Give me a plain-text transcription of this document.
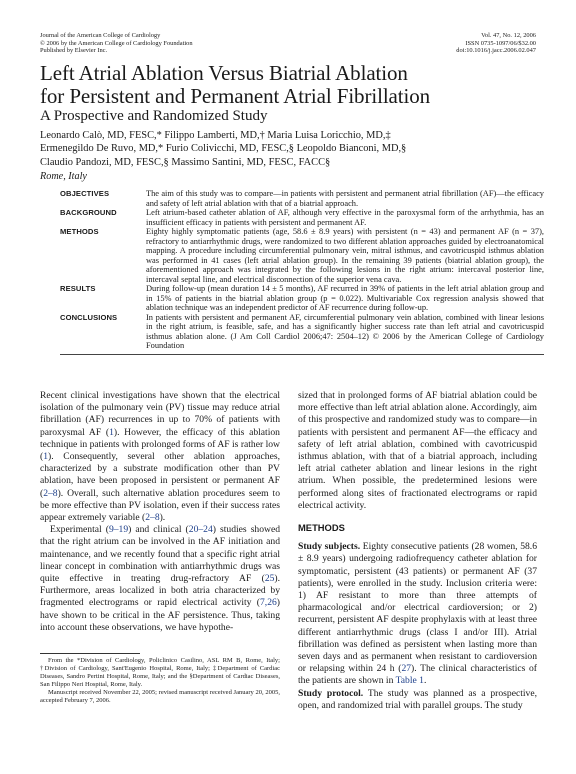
Journal of the American College of Cardiology
© 2006 by the American College of Cardiology Foundation
Published by Elsevier Inc.
Vol. 47, No. 12, 2006
ISSN 0735-1097/06/$32.00
doi:10.1016/j.jacc.2006.02.047
Left Atrial Ablation Versus Biatrial Ablation
for Persistent and Permanent Atrial Fibrillation
A Prospective and Randomized Study
Leonardo Calò, MD, FESC,* Filippo Lamberti, MD,† Maria Luisa Loricchio, MD,‡
Ermenegildo De Ruvo, MD,* Furio Colivicchi, MD, FESC,§ Leopoldo Bianconi, MD,§
Claudio Pandozi, MD, FESC,§ Massimo Santini, MD, FESC, FACC§
Rome, Italy
OBJECTIVES	The aim of this study was to compare—in patients with persistent and permanent atrial fibrillation (AF)—the efficacy and safety of left atrial ablation with that of a biatrial approach.
BACKGROUND	Left atrium-based catheter ablation of AF, although very effective in the paroxysmal form of the arrhythmia, has an insufficient efficacy in patients with persistent and permanent AF.
METHODS	Eighty highly symptomatic patients (age, 58.6 ± 8.9 years) with persistent (n = 43) and permanent AF (n = 37), refractory to antiarrhythmic drugs, were randomized to two different ablation approaches guided by electroanatomical mapping. A procedure including circumferential pulmonary vein, mitral isthmus, and cavotricuspid isthmus ablation was performed in 41 cases (left atrial ablation group). In the remaining 39 patients (biatrial ablation group), the aforementioned approach was integrated by the following lesions in the right atrium: intercaval posterior line, intercaval septal line, and electrical disconnection of the superior vena cava.
RESULTS	During follow-up (mean duration 14 ± 5 months), AF recurred in 39% of patients in the left atrial ablation group and in 15% of patients in the biatrial ablation group (p = 0.022). Multivariable Cox regression analysis showed that ablation technique was an independent predictor of AF recurrence during follow-up.
CONCLUSIONS	In patients with persistent and permanent AF, circumferential pulmonary vein ablation, combined with linear lesions in the right atrium, is feasible, safe, and has a significantly higher success rate than left atrial and cavotricuspid isthmus ablation alone. (J Am Coll Cardiol 2006;47: 2504–12) © 2006 by the American College of Cardiology Foundation

Recent clinical investigations have shown that the electrical isolation of the pulmonary vein (PV) tissue may reduce atrial fibrillation (AF) recurrences in up to 70% of patients with paroxysmal AF (1). However, the efficacy of this ablation technique in patients with prolonged forms of AF is rather low (1). Consequently, several other ablation approaches, characterized by a substrate modification other than PV ablation, have been proposed in persistent or permanent AF (2–8). Overall, such alternative ablation procedures seem to be more effective than PV isolation, even if their success rates appear extremely variable (2–8).

Experimental (9–19) and clinical (20–24) studies showed that the right atrium can be involved in the AF initiation and maintenance, and we recently found that a specific right atrial linear concept in combination with antiarrhythmic drugs was quite effective in treating drug-refractory AF (25). Furthermore, areas localized in both atria characterized by fragmented electrograms or rapid electrical activity (7,26) have shown to be critical in the AF persistence. Thus, taking into account these observations, we have hypothe-

From the *Division of Cardiology, Policlinico Casilino, ASL RM B, Rome, Italy; †Division of Cardiology, Sant'Eugenio Hospital, Rome, Italy; ‡Department of Cardiac Diseases, Sandro Pertini Hospital, Rome, Italy; and the §Department of Cardiac Diseases, San Filippo Neri Hospital, Rome, Italy.
Manuscript received November 22, 2005; revised manuscript received January 20, 2005, accepted February 7, 2006.

sized that in prolonged forms of AF biatrial ablation could be more effective than left atrial ablation alone. Accordingly, aim of this prospective and randomized study was to compare—in patients with persistent and permanent AF—the efficacy and safety of left atrial ablation, combined with cavotricuspid isthmus ablation, with that of a biatrial approach, including left atrial catheter ablation and linear lesions in the right atrium. When possible, the predetermined lesions were performed along sites of fractionated electrograms or rapid electrical activity.

METHODS

Study subjects. Eighty consecutive patients (28 women, 58.6 ± 8.9 years) undergoing radiofrequency catheter ablation for symptomatic, persistent (43 patients) or permanent AF (37 patients), were enrolled in the study. Inclusion criteria were: 1) AF resistant to more than three attempts of pharmacological and/or electrical cardioversion; or 2) recurrent, persistent AF despite prophylaxis with at least three different antiarrhythmic drugs (class I and/or III). Atrial fibrillation was defined as persistent when lasting more than seven days and as permanent when resistant to cardioversion or relapsing within 24 h (27). The clinical characteristics of the patients are shown in Table 1.

Study protocol. The study was planned as a prospective, open, and randomized trial with parallel groups. The study
